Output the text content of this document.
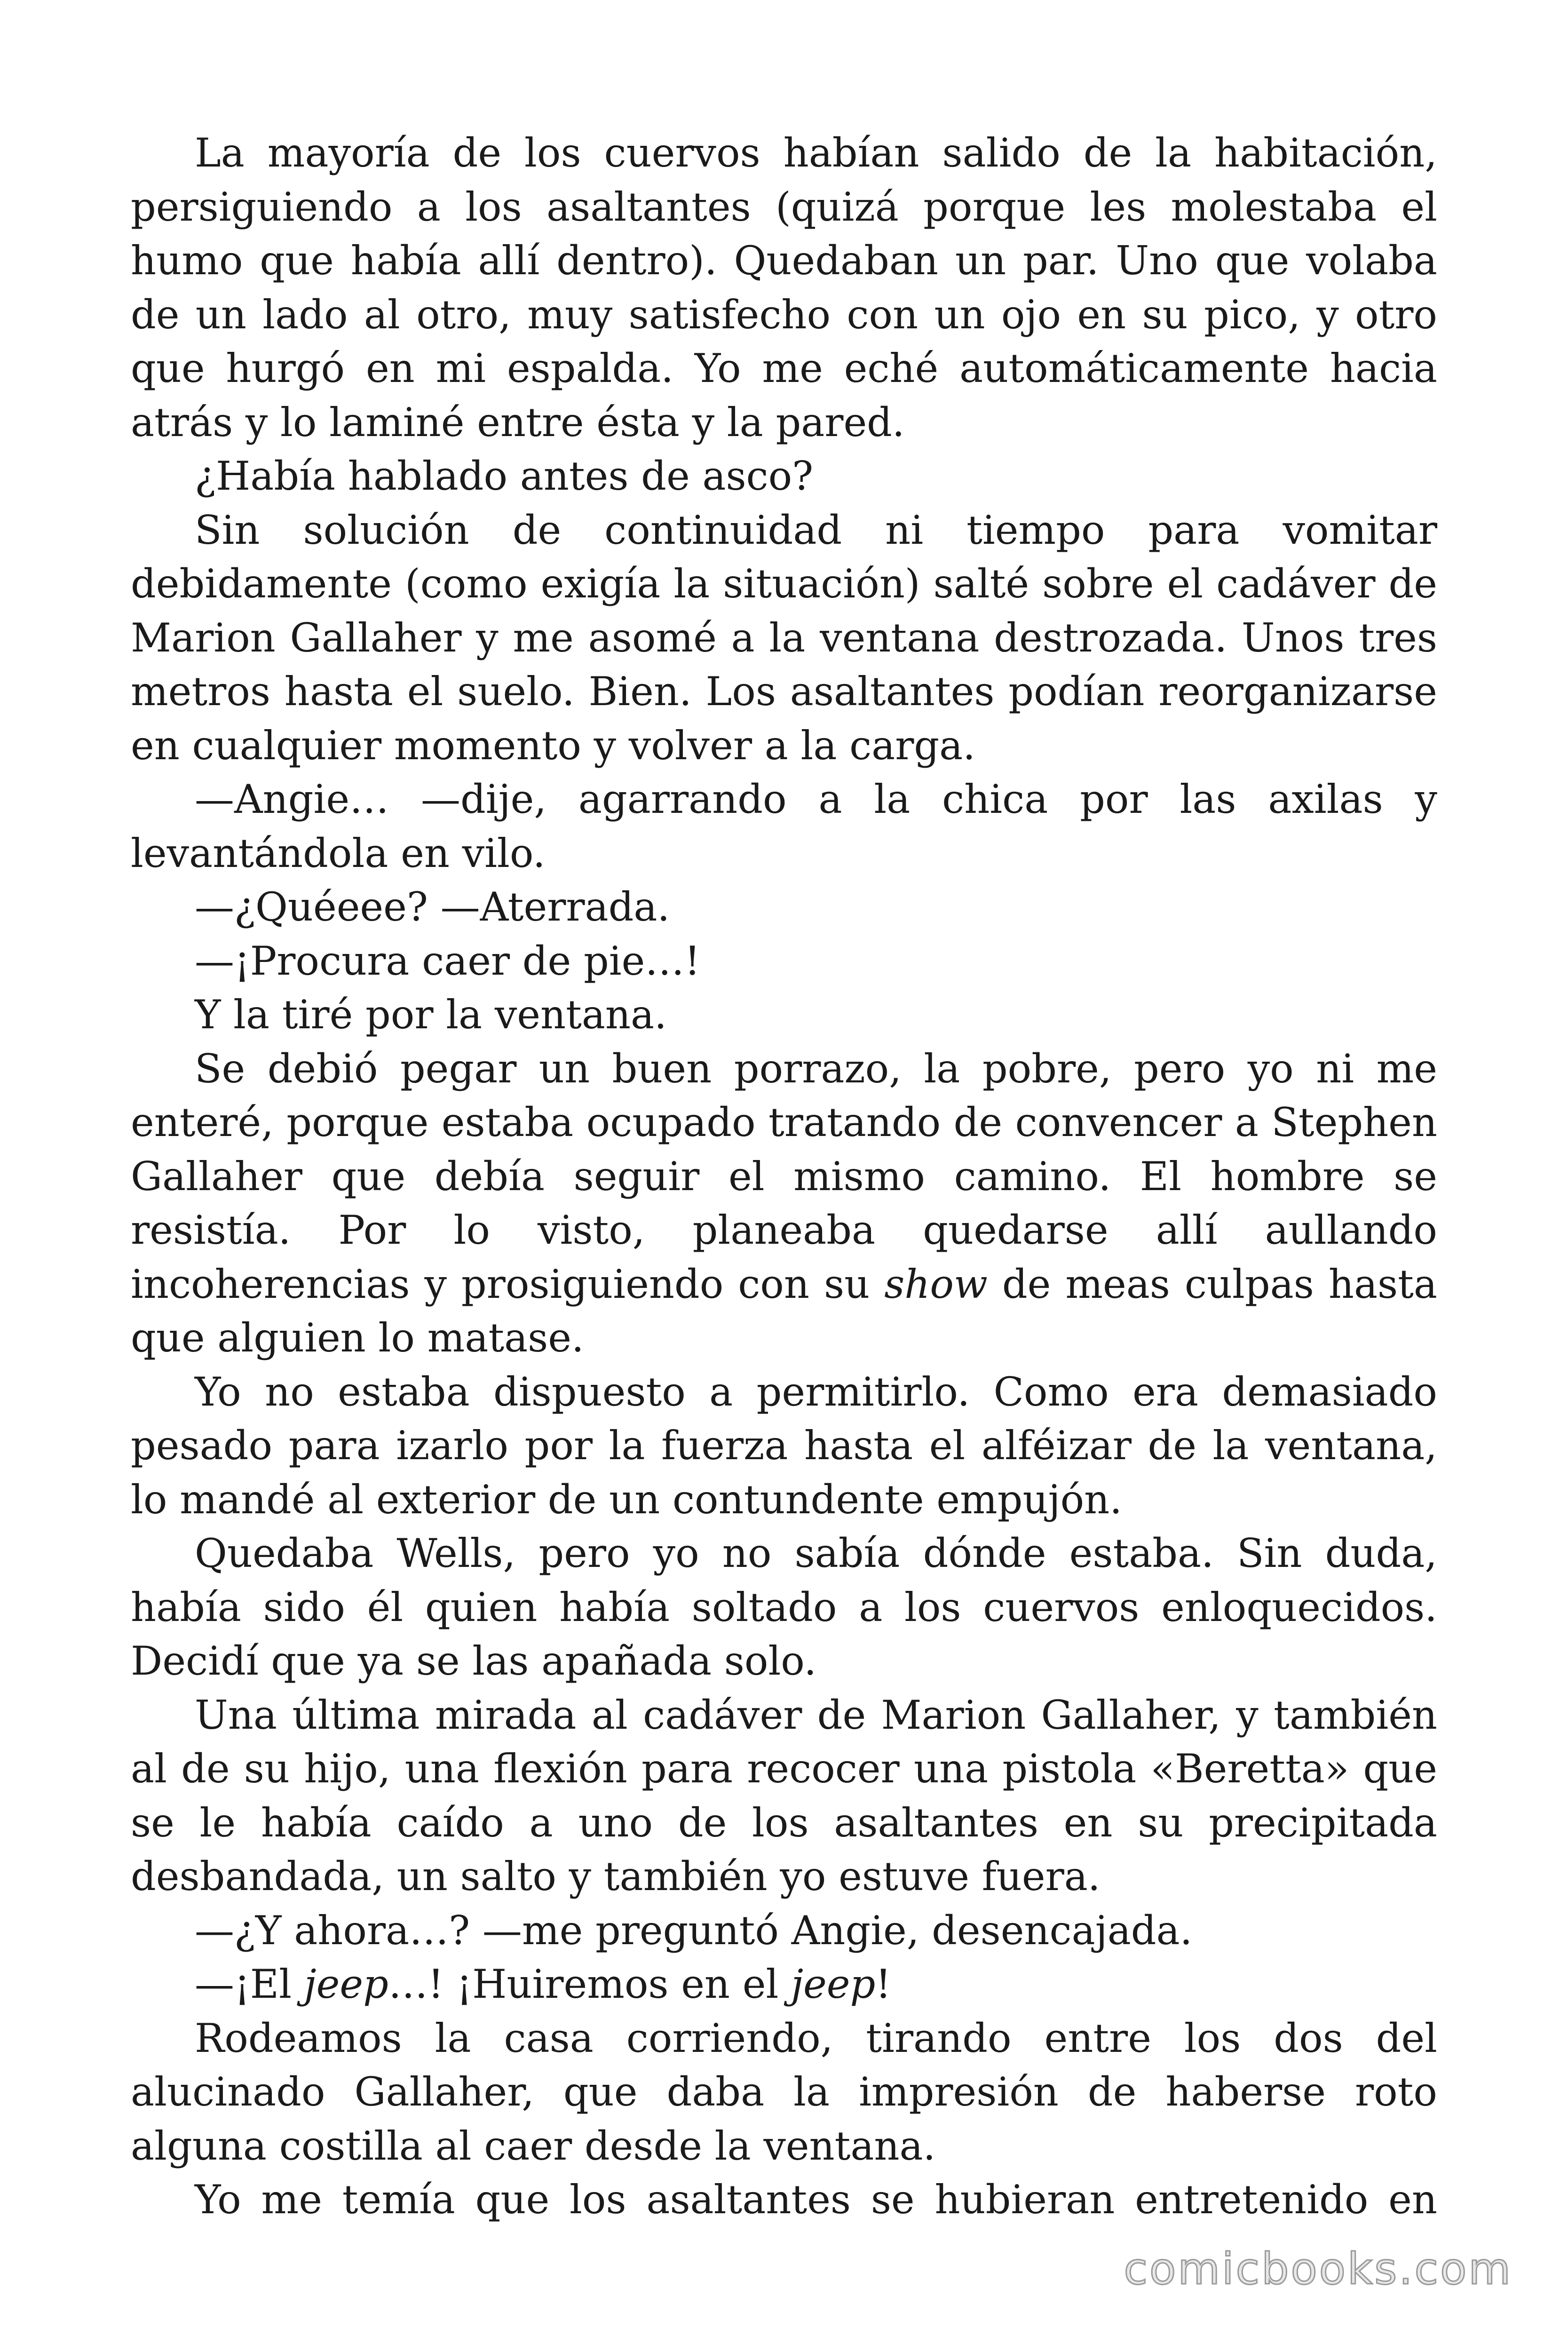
La mayoría de los cuervos habían salido de la habitación, persiguiendo a los asaltantes (quizá porque les molestaba el humo que había allí dentro). Quedaban un par. Uno que volaba de un lado al otro, muy satisfecho con un ojo en su pico, y otro que hurgó en mi espalda. Yo me eché automáticamente hacia atrás y lo laminé entre ésta y la pared.

¿Había hablado antes de asco?

Sin solución de continuidad ni tiempo para vomitar debidamente (como exigía la situación) salté sobre el cadáver de Marion Gallaher y me asomé a la ventana destrozada. Unos tres metros hasta el suelo. Bien. Los asaltantes podían reorganizarse en cualquier momento y volver a la carga.

—Angie… —dije, agarrando a la chica por las axilas y levantándola en vilo.

—¿Quéeee? —Aterrada.

—¡Procura caer de pie…!

Y la tiré por la ventana.

Se debió pegar un buen porrazo, la pobre, pero yo ni me enteré, porque estaba ocupado tratando de convencer a Stephen Gallaher que debía seguir el mismo camino. El hombre se resistía. Por lo visto, planeaba quedarse allí aullando incoherencias y prosiguiendo con su show de meas culpas hasta que alguien lo matase.

Yo no estaba dispuesto a permitirlo. Como era demasiado pesado para izarlo por la fuerza hasta el alféizar de la ventana, lo mandé al exterior de un contundente empujón.

Quedaba Wells, pero yo no sabía dónde estaba. Sin duda, había sido él quien había soltado a los cuervos enloquecidos. Decidí que ya se las apañada solo.

Una última mirada al cadáver de Marion Gallaher, y también al de su hijo, una flexión para recocer una pistola «Beretta» que se le había caído a uno de los asaltantes en su precipitada desbandada, un salto y también yo estuve fuera.

—¿Y ahora…? —me preguntó Angie, desencajada.

—¡El jeep…! ¡Huiremos en el jeep!

Rodeamos la casa corriendo, tirando entre los dos del alucinado Gallaher, que daba la impresión de haberse roto alguna costilla al caer desde la ventana.

Yo me temía que los asaltantes se hubieran entretenido en

comicbooks.com
